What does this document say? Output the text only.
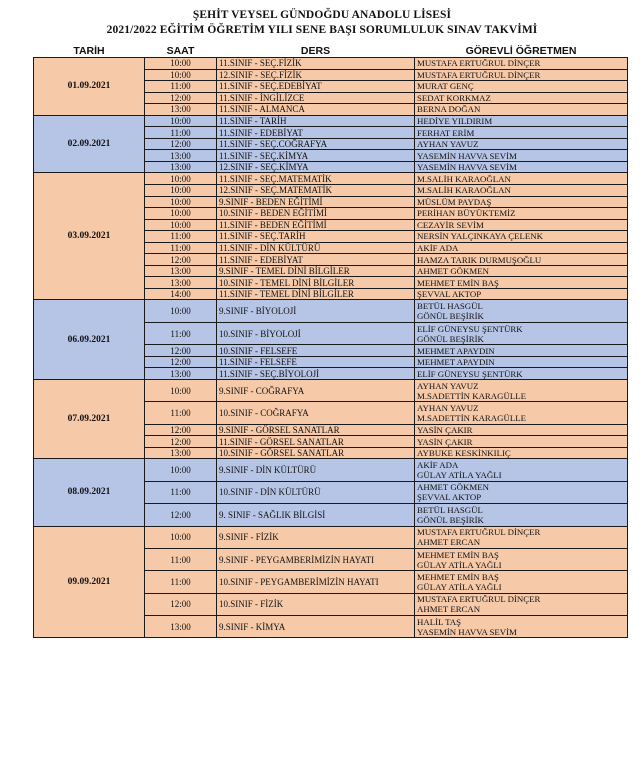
ŞEHİT VEYSEL GÜNDOĞDU ANADOLU LİSESİ
2021/2022 EĞİTİM ÖĞRETİM YILI SENE BAŞI SORUMLULUK SINAV TAKVİMİ
TARİH	SAAT	DERS	GÖREVLİ ÖĞRETMEN
01.09.2021	10:00	11.SINIF - SEÇ.FİZİK	MUSTAFA ERTUĞRUL DİNÇER

	10:00	12.SINIF - SEÇ.FİZİK	MUSTAFA ERTUĞRUL DİNÇER

	11:00	11.SINIF - SEÇ.EDEBİYAT	MURAT GENÇ

	12:00	11.SINIF - İNGİLİZCE	SEDAT KORKMAZ

	13:00	11.SINIF - ALMANCA	BERNA DOĞAN

02.09.2021	10:00	11.SINIF - TARİH	HEDİYE YILDIRIM

	11:00	11.SINIF - EDEBİYAT	FERHAT ERİM

	12:00	11.SINIF - SEÇ.COĞRAFYA	AYHAN YAVUZ

	13:00	11.SINIF - SEÇ.KİMYA	YASEMİN HAVVA SEVİM

	13:00	12.SINIF - SEÇ.KİMYA	YASEMİN HAVVA SEVİM

03.09.2021	10:00	11.SINIF - SEÇ.MATEMATİK	M.SALİH KARAOĞLAN

	10:00	12.SINIF - SEÇ.MATEMATİK	M.SALİH KARAOĞLAN

	10:00	9.SINIF - BEDEN EĞİTİMİ	MÜSLÜM PAYDAŞ

	10:00	10.SINIF - BEDEN EĞİTİMİ	PERİHAN BÜYÜKTEMİZ

	10:00	11.SINIF - BEDEN EĞİTİMİ	CEZAYİR SEVİM

	11:00	11.SINIF - SEÇ.TARİH	NERSİN YALÇINKAYA ÇELENK

	11:00	11.SINIF - DİN KÜLTÜRÜ	AKİF ADA

	12:00	11.SINIF - EDEBİYAT	HAMZA TARIK DURMUŞOĞLU

	13:00	9.SINIF - TEMEL DİNİ BİLGİLER	AHMET GÖKMEN

	13:00	10.SINIF - TEMEL DİNİ BİLGİLER	MEHMET EMİN BAŞ

	14:00	11.SINIF - TEMEL DİNİ BİLGİLER	ŞEVVAL AKTOP

06.09.2021	10:00	9.SINIF - BİYOLOJİ	BETÜL HASGÜL
GÖNÜL BEŞİRİK

	11:00	10.SINIF - BİYOLOJİ	ELİF GÜNEYSU ŞENTÜRK
GÖNÜL BEŞİRİK

	12:00	10.SINIF - FELSEFE	MEHMET APAYDIN

	12:00	11.SINIF - FELSEFE	MEHMET APAYDIN

	13:00	11.SINIF - SEÇ.BİYOLOJİ	ELİF GÜNEYSU ŞENTÜRK

07.09.2021	10:00	9.SINIF - COĞRAFYA	AYHAN YAVUZ
M.SADETTİN KARAGÜLLE

	11:00	10.SINIF - COĞRAFYA	AYHAN YAVUZ
M.SADETTİN KARAGÜLLE

	12:00	9.SINIF - GÖRSEL SANATLAR	YASİN ÇAKIR

	12:00	11.SINIF - GÖRSEL SANATLAR	YASİN ÇAKIR

	13:00	10.SINIF - GÖRSEL SANATLAR	AYBUKE KESKİNKILIÇ

08.09.2021	10:00	9.SINIF - DİN KÜLTÜRÜ	AKİF ADA
GÜLAY ATİLA YAĞLI

	11:00	10.SINIF - DİN KÜLTÜRÜ	AHMET GÖKMEN
ŞEVVAL AKTOP

	12:00	9. SINIF - SAĞLIK BİLGİSİ	BETÜL HASGÜL
GÖNÜL BEŞİRİK

09.09.2021	10:00	9.SINIF - FİZİK	MUSTAFA ERTUĞRUL DİNÇER
AHMET ERCAN

	11:00	9.SINIF - PEYGAMBERİMİZİN HAYATI	MEHMET EMİN BAŞ
GÜLAY ATİLA YAĞLI

	11:00	10.SINIF - PEYGAMBERİMİZİN HAYATI	MEHMET EMİN BAŞ
GÜLAY ATİLA YAĞLI

	12:00	10.SINIF - FİZİK	MUSTAFA ERTUĞRUL DİNÇER
AHMET ERCAN

	13:00	9.SINIF - KİMYA	HALİL TAŞ
YASEMİN HAVVA SEVİM
